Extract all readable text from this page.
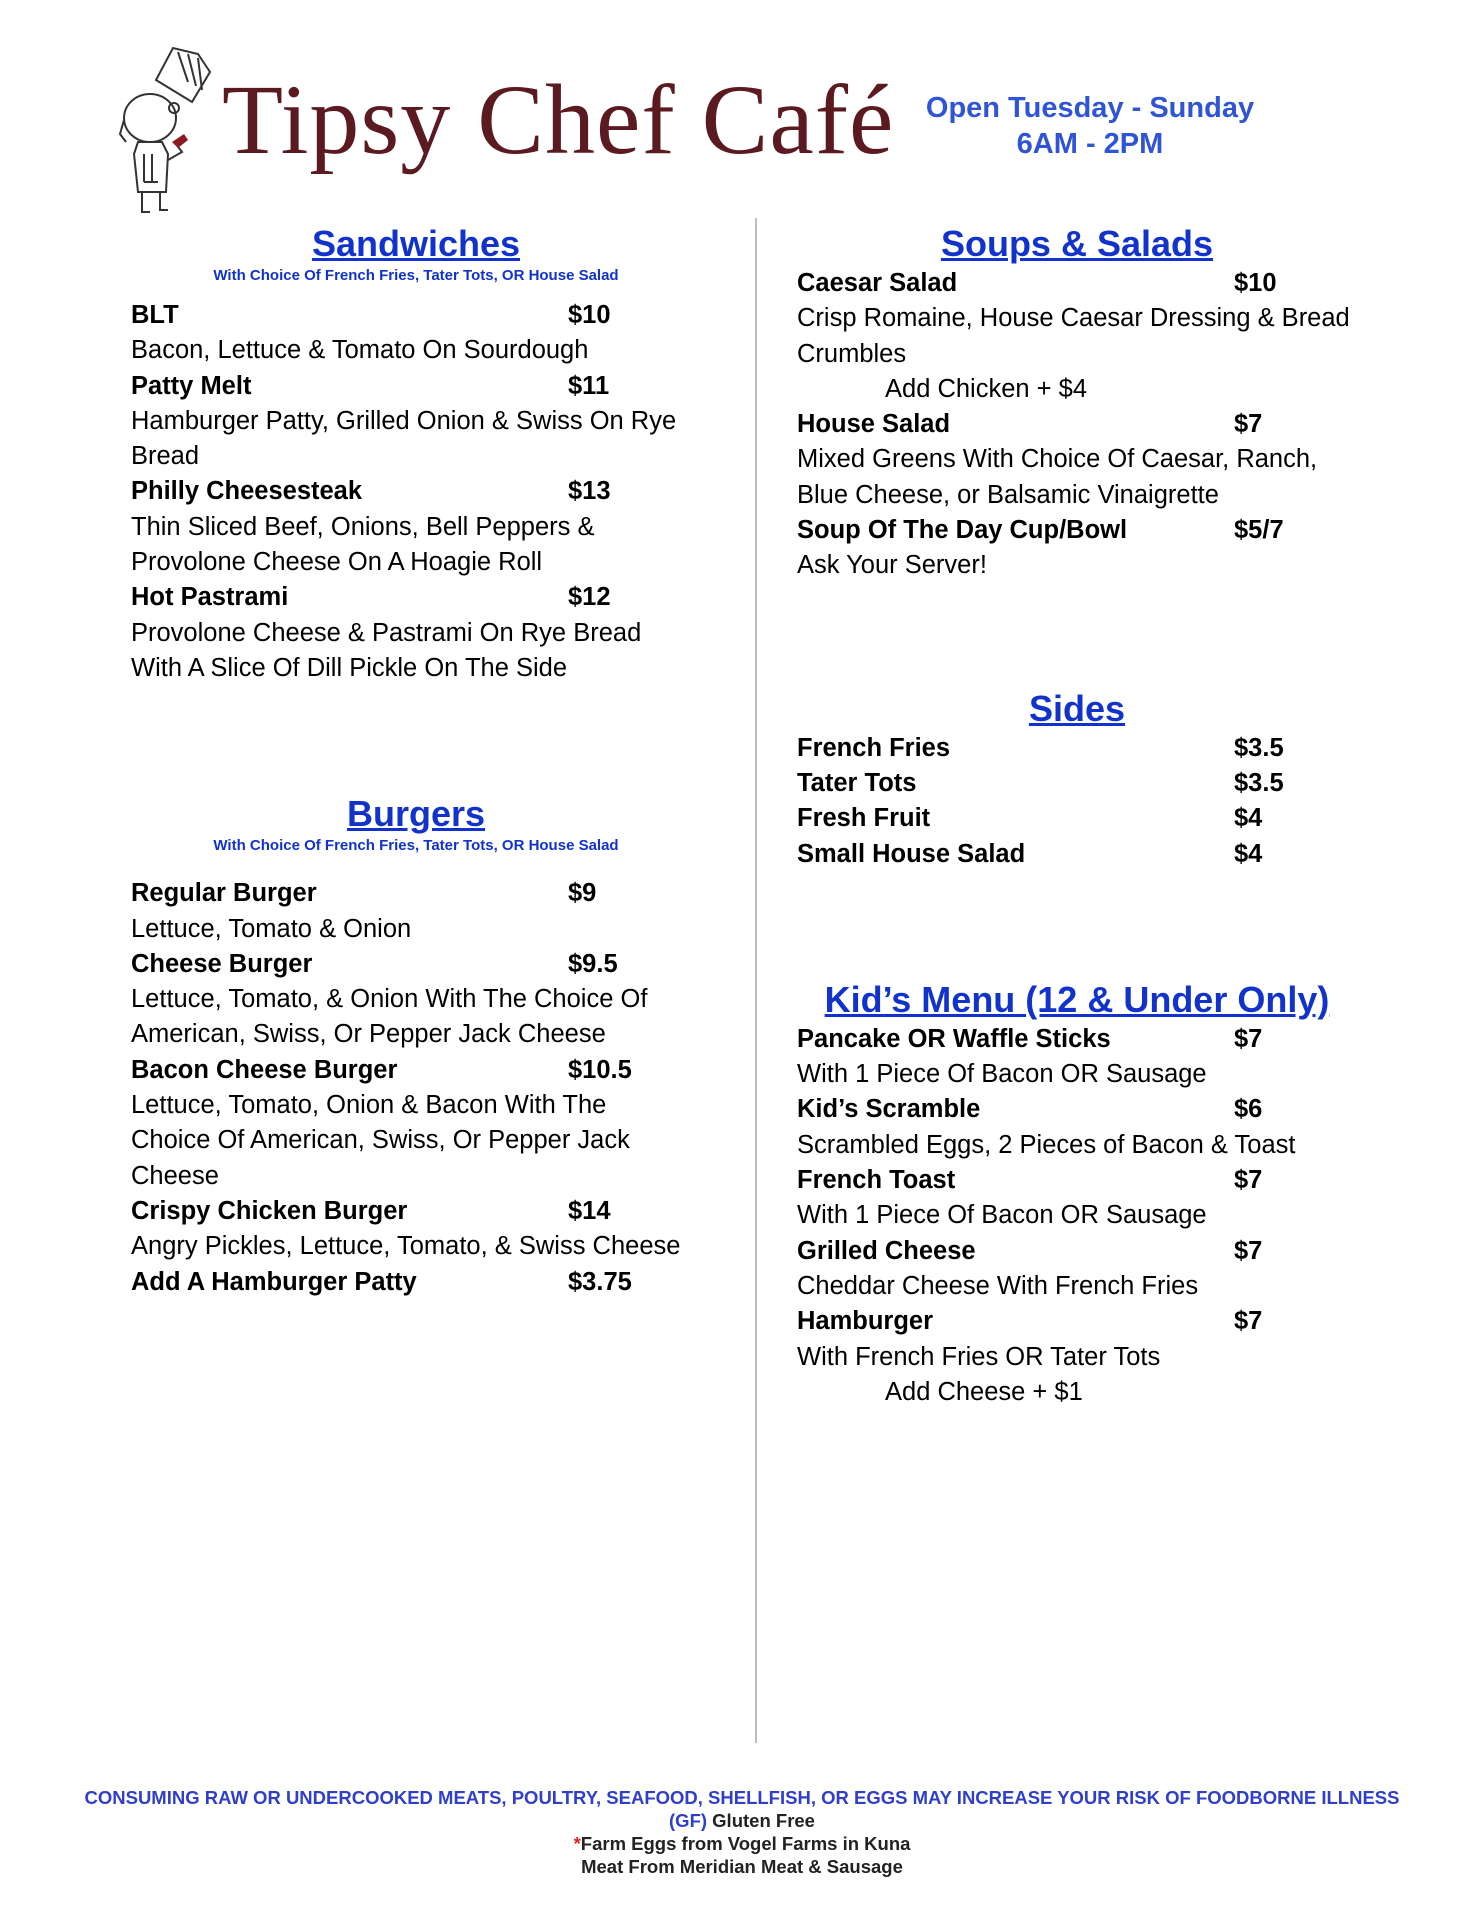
Tipsy Chef Café	Open Tuesday - Sunday
6AM - 2PM
Sandwiches
With Choice Of French Fries, Tater Tots, OR House Salad
BLT	$10
Bacon, Lettuce & Tomato On Sourdough
Patty Melt	$11
Hamburger Patty, Grilled Onion & Swiss On Rye
Bread
Philly Cheesesteak	$13
Thin Sliced Beef, Onions, Bell Peppers &
Provolone Cheese On A Hoagie Roll
Hot Pastrami	$12
Provolone Cheese & Pastrami On Rye Bread
With A Slice Of Dill Pickle On The Side
Burgers
With Choice Of French Fries, Tater Tots, OR House Salad
Regular Burger	$9
Lettuce, Tomato & Onion
Cheese Burger	$9.5
Lettuce, Tomato, & Onion With The Choice Of
American, Swiss, Or Pepper Jack Cheese
Bacon Cheese Burger	$10.5
Lettuce, Tomato, Onion & Bacon With The
Choice Of American, Swiss, Or Pepper Jack
Cheese
Crispy Chicken Burger	$14
Angry Pickles, Lettuce, Tomato, & Swiss Cheese
Add A Hamburger Patty	$3.75
Soups & Salads
Caesar Salad	$10
Crisp Romaine, House Caesar Dressing & Bread
Crumbles
Add Chicken + $4
House Salad	$7
Mixed Greens With Choice Of Caesar, Ranch,
Blue Cheese, or Balsamic Vinaigrette
Soup Of The Day Cup/Bowl	$5/7
Ask Your Server!
Sides
French Fries	$3.5
Tater Tots	$3.5
Fresh Fruit	$4
Small House Salad	$4
Kid’s Menu (12 & Under Only)
Pancake OR Waffle Sticks	$7
With 1 Piece Of Bacon OR Sausage
Kid’s Scramble	$6
Scrambled Eggs, 2 Pieces of Bacon & Toast
French Toast	$7
With 1 Piece Of Bacon OR Sausage
Grilled Cheese	$7
Cheddar Cheese With French Fries
Hamburger	$7
With French Fries OR Tater Tots
Add Cheese + $1
CONSUMING RAW OR UNDERCOOKED MEATS, POULTRY, SEAFOOD, SHELLFISH, OR EGGS MAY INCREASE YOUR RISK OF FOODBORNE ILLNESS
(GF) Gluten Free
*Farm Eggs from Vogel Farms in Kuna
Meat From Meridian Meat & Sausage
